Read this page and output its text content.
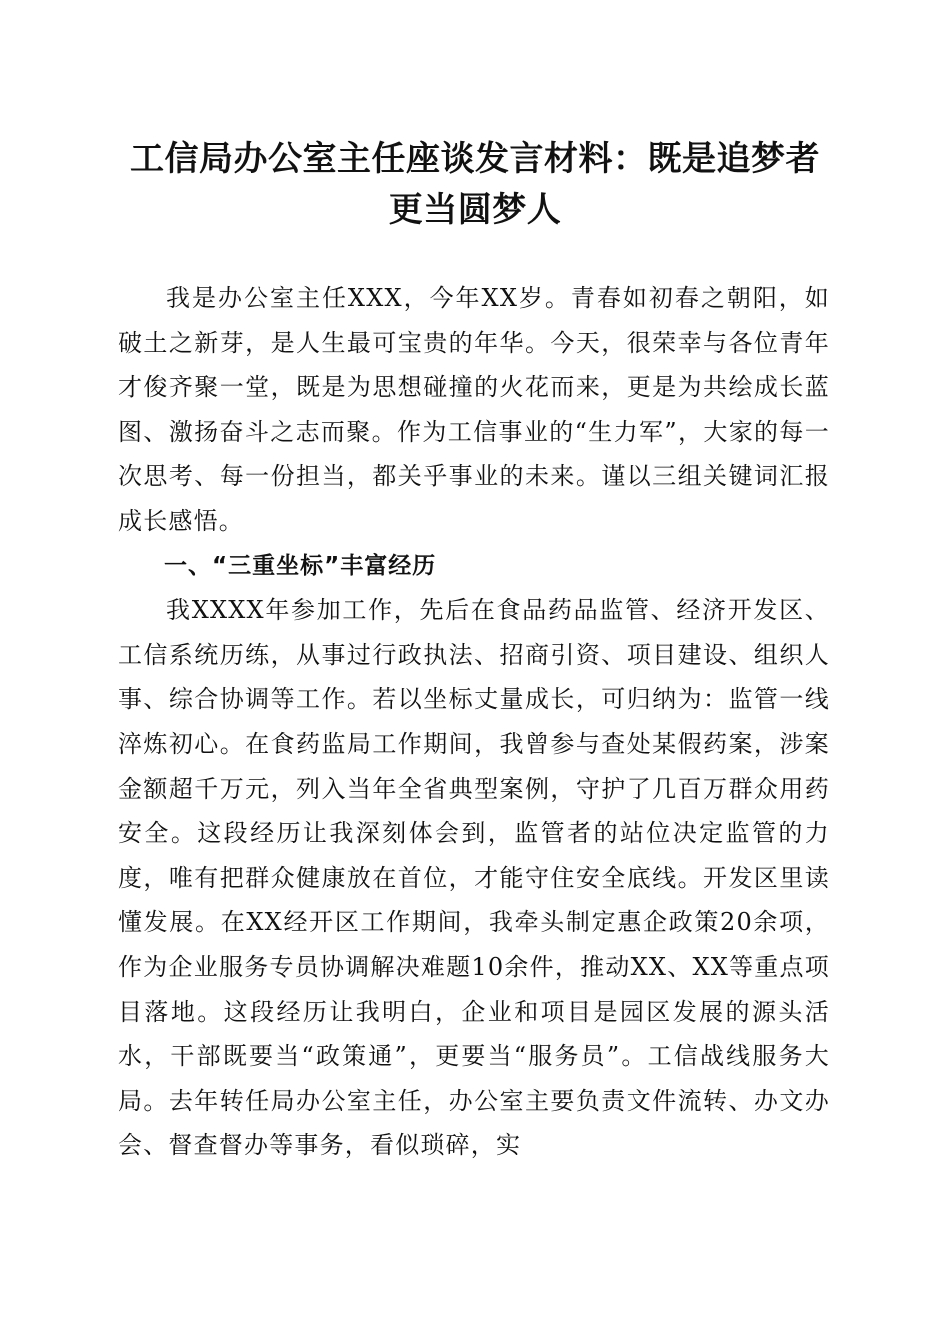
工信局办公室主任座谈发言材料：既是追梦者
更当圆梦人

我是办公室主任XXX，今年XX岁。青春如初春之朝阳，如破土之新芽，是人生最可宝贵的年华。今天，很荣幸与各位青年才俊齐聚一堂，既是为思想碰撞的火花而来，更是为共绘成长蓝图、激扬奋斗之志而聚。作为工信事业的“生力军”，大家的每一次思考、每一份担当，都关乎事业的未来。谨以三组关键词汇报成长感悟。

一、“三重坐标”丰富经历

我XXXX年参加工作，先后在食品药品监管、经济开发区、工信系统历练，从事过行政执法、招商引资、项目建设、组织人事、综合协调等工作。若以坐标丈量成长，可归纳为：监管一线淬炼初心。在食药监局工作期间，我曾参与查处某假药案，涉案金额超千万元，列入当年全省典型案例，守护了几百万群众用药安全。这段经历让我深刻体会到，监管者的站位决定监管的力度，唯有把群众健康放在首位，才能守住安全底线。开发区里读懂发展。在XX经开区工作期间，我牵头制定惠企政策20余项，作为企业服务专员协调解决难题10余件，推动XX、XX等重点项目落地。这段经历让我明白，企业和项目是园区发展的源头活水，干部既要当“政策通”，更要当“服务员”。工信战线服务大局。去年转任局办公室主任，办公室主要负责文件流转、办文办会、督查督办等事务，看似琐碎，实
